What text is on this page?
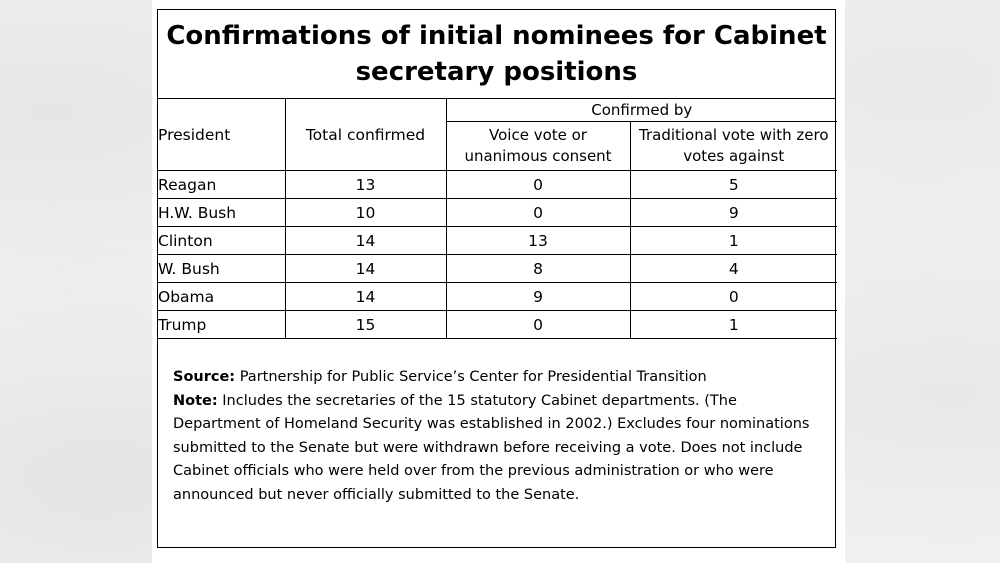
Confirmations of initial nominees for Cabinet secretary positions
President	Total confirmed	Confirmed by	
		Voice vote or unanimous consent	Traditional vote with zero votes against
Reagan	13	0	5
H.W. Bush	10	0	9
Clinton	14	13	1
W. Bush	14	8	4
Obama	14	9	0
Trump	15	0	1
Source: Partnership for Public Service’s Center for Presidential Transition
Note: Includes the secretaries of the 15 statutory Cabinet departments. (The Department of Homeland Security was established in 2002.) Excludes four nominations submitted to the Senate but were withdrawn before receiving a vote. Does not include Cabinet officials who were held over from the previous administration or who were announced but never officially submitted to the Senate.
